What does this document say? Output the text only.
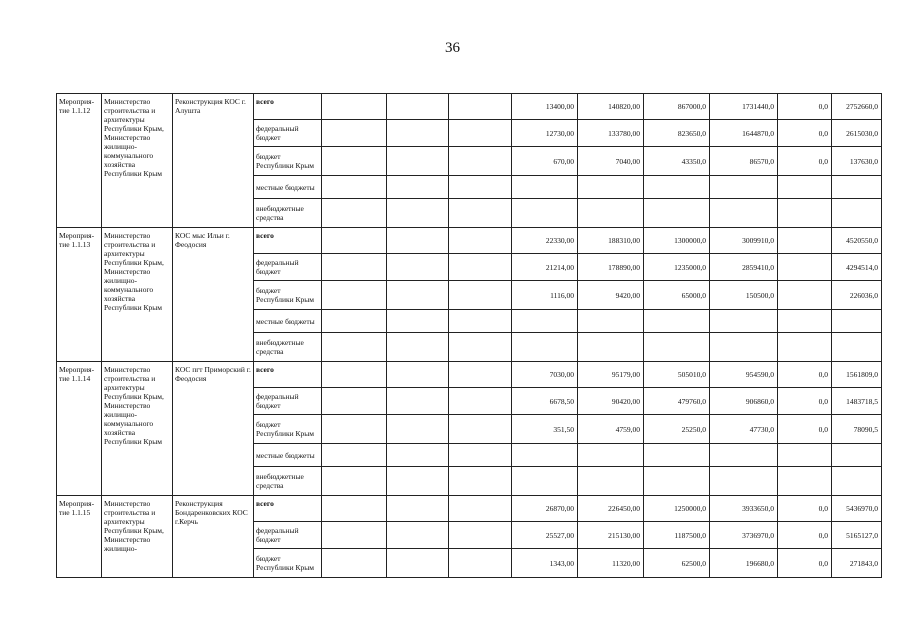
36
Мероприя-тие 1.1.12	Министерство строительства и архитектуры Республики Крым, Министерство жилищно-коммунального хозяйства Республики Крым	Реконструкция КОС г. Алушта	всего				13400,00	140820,00	867000,0	1731440,0	0,0	2752660,0
			федеральный бюджет				12730,00	133780,00	823650,0	1644870,0	0,0	2615030,0
			бюджет Республики Крым				670,00	7040,00	43350,0	86570,0	0,0	137630,0
			местные бюджеты									
			внебюджетные средства									
Мероприя-тие 1.1.13	Министерство строительства и архитектуры Республики Крым, Министерство жилищно-коммунального хозяйства Республики Крым	КОС мыс Ильи г. Феодосия	всего				22330,00	188310,00	1300000,0	3009910,0		4520550,0
			федеральный бюджет				21214,00	178890,00	1235000,0	2859410,0		4294514,0
			бюджет Республики Крым				1116,00	9420,00	65000,0	150500,0		226036,0
			местные бюджеты									
			внебюджетные средства									
Мероприя-тие 1.1.14	Министерство строительства и архитектуры Республики Крым, Министерство жилищно-коммунального хозяйства Республики Крым	КОС пгт Приморский г. Феодосия	всего				7030,00	95179,00	505010,0	954590,0	0,0	1561809,0
			федеральный бюджет				6678,50	90420,00	479760,0	906860,0	0,0	1483718,5
			бюджет Республики Крым				351,50	4759,00	25250,0	47730,0	0,0	78090,5
			местные бюджеты									
			внебюджетные средства									
Мероприя-тие 1.1.15	Министерство строительства и архитектуры Республики Крым, Министерство жилищно-	Реконструкция Бондаренковских КОС г.Керчь	всего				26870,00	226450,00	1250000,0	3933650,0	0,0	5436970,0
			федеральный бюджет				25527,00	215130,00	1187500,0	3736970,0	0,0	5165127,0
			бюджет Республики Крым				1343,00	11320,00	62500,0	196680,0	0,0	271843,0
